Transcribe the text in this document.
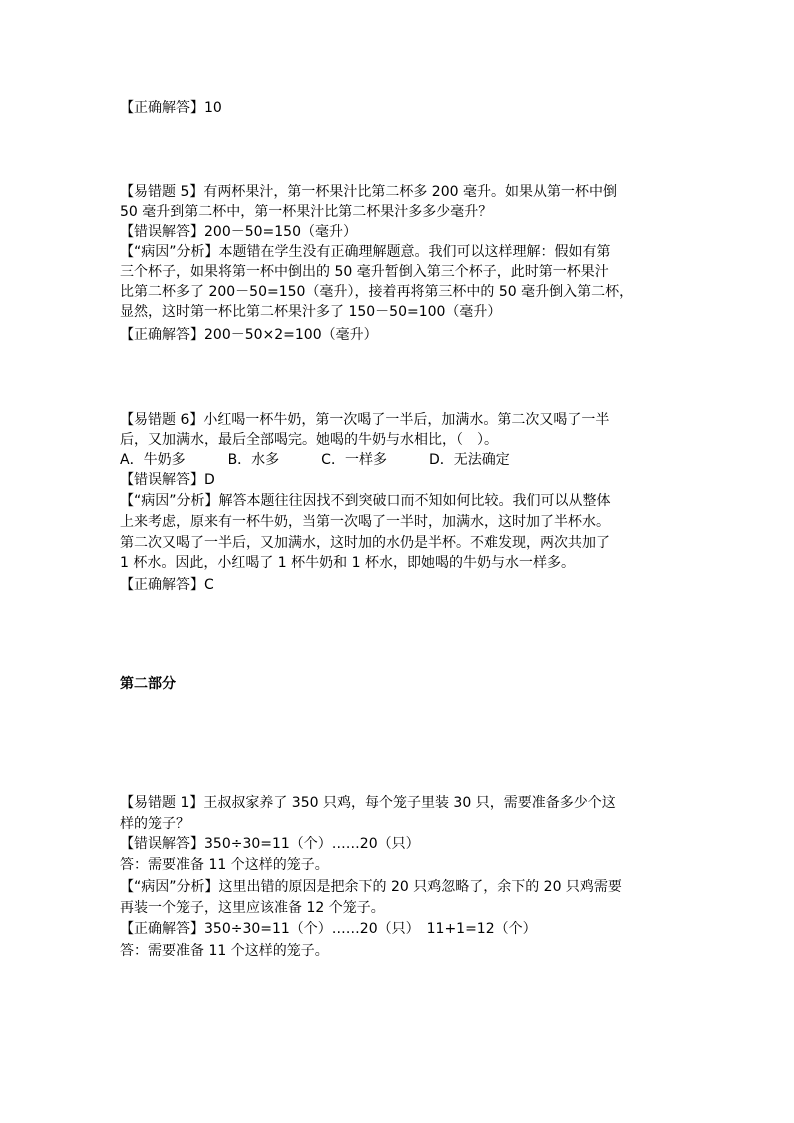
【正确解答】10
【易错题 5】有两杯果汁，第一杯果汁比第二杯多 200 毫升。如果从第一杯中倒
50 毫升到第二杯中，第一杯果汁比第二杯果汁多多少毫升？
【错误解答】200－50=150（毫升）
【“病因”分析】本题错在学生没有正确理解题意。我们可以这样理解：假如有第
三个杯子，如果将第一杯中倒出的 50 毫升暂倒入第三个杯子，此时第一杯果汁
比第二杯多了 200－50=150（毫升），接着再将第三杯中的 50 毫升倒入第二杯，
显然，这时第一杯比第二杯果汁多了 150－50=100（毫升）
【正确解答】200－50×2=100（毫升）
【易错题 6】小红喝一杯牛奶，第一次喝了一半后，加满水。第二次又喝了一半
后，又加满水，最后全部喝完。她喝的牛奶与水相比，（　）。
A．牛奶多　　　B．水多　　　C．一样多　　　D．无法确定
【错误解答】D
【“病因”分析】解答本题往往因找不到突破口而不知如何比较。我们可以从整体
上来考虑，原来有一杯牛奶，当第一次喝了一半时，加满水，这时加了半杯水。
第二次又喝了一半后，又加满水，这时加的水仍是半杯。不难发现，两次共加了
1 杯水。因此，小红喝了 1 杯牛奶和 1 杯水，即她喝的牛奶与水一样多。
【正确解答】C
第二部分
【易错题 1】王叔叔家养了 350 只鸡，每个笼子里装 30 只，需要准备多少个这
样的笼子？
【错误解答】350÷30=11（个）……20（只）
答：需要准备 11 个这样的笼子。
【“病因”分析】这里出错的原因是把余下的 20 只鸡忽略了，余下的 20 只鸡需要
再装一个笼子，这里应该准备 12 个笼子。
【正确解答】350÷30=11（个）……20（只）　11+1=12（个）
答：需要准备 11 个这样的笼子。
